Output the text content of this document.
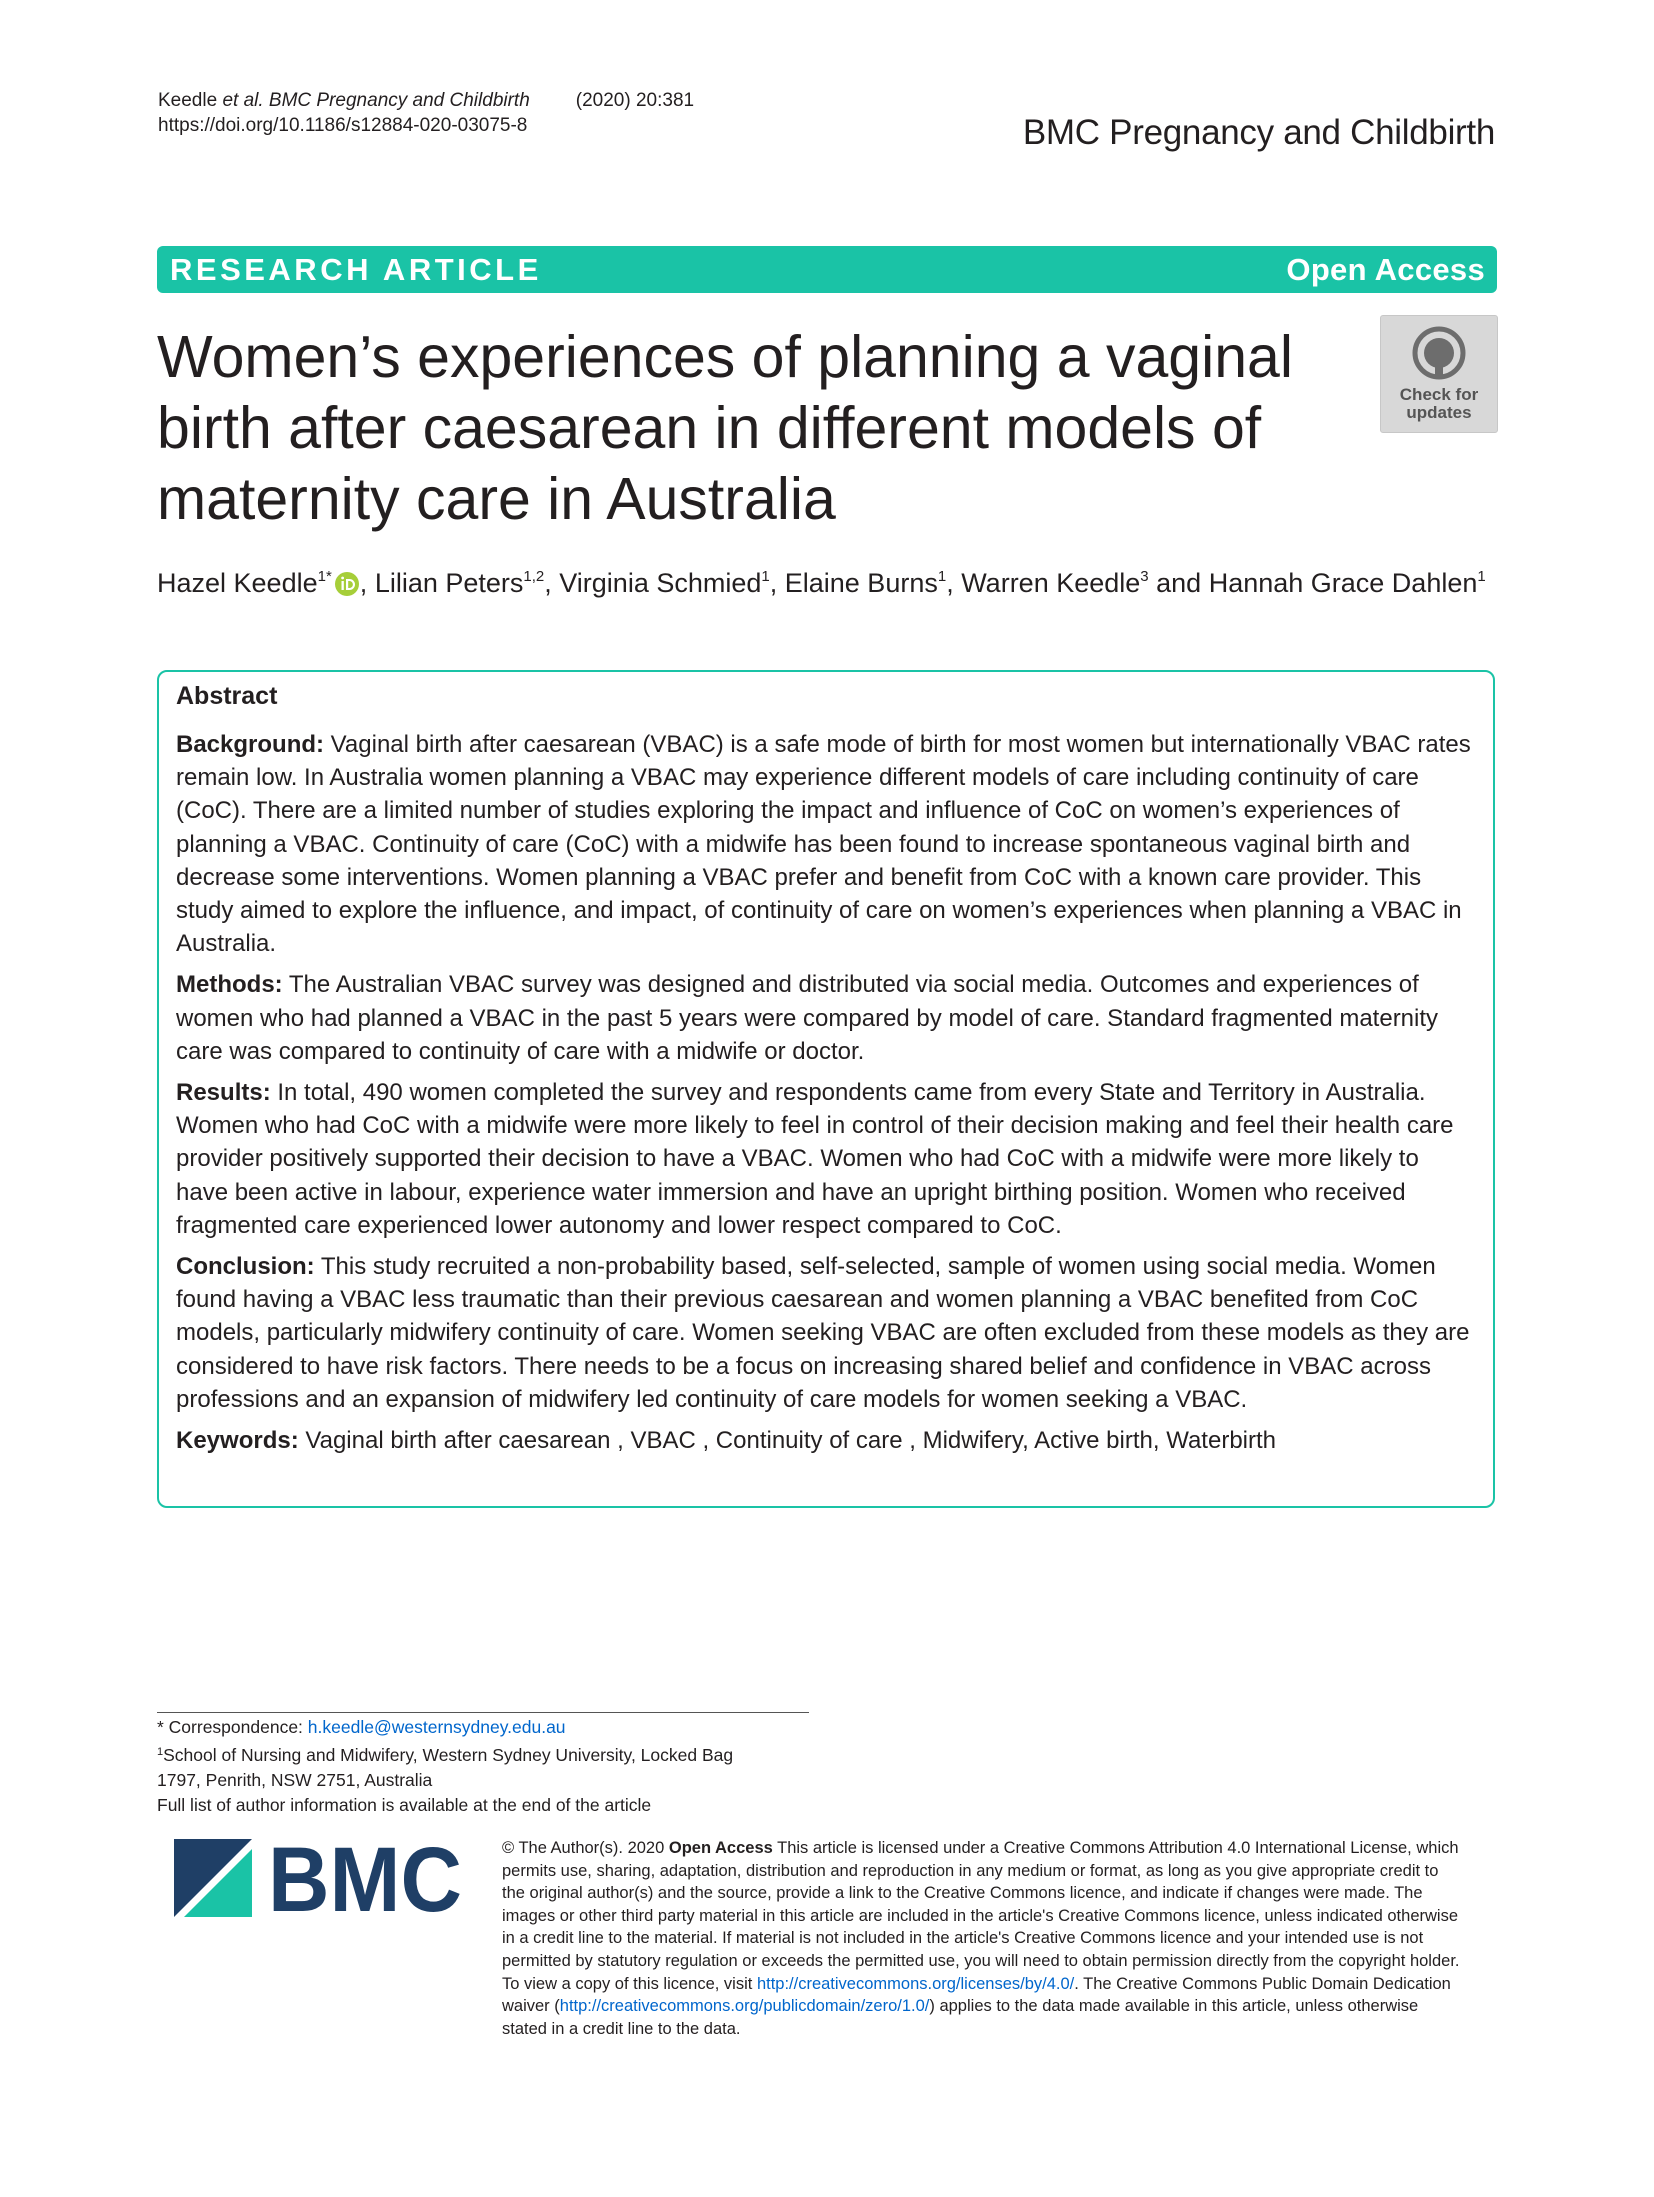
Keedle et al. BMC Pregnancy and Childbirth (2020) 20:381
https://doi.org/10.1186/s12884-020-03075-8	BMC Pregnancy and Childbirth
RESEARCH ARTICLE	Open Access
Women’s experiences of planning a vaginal birth after caesarean in different models of maternity care in Australia
Check for
updates
Hazel Keedle$^{1*}$ , Lilian Peters$^{1,2}$, Virginia Schmied$^1$, Elaine Burns$^1$, Warren Keedle$^3$ and Hannah Grace Dahlen$^1$
Abstract

Background: Vaginal birth after caesarean (VBAC) is a safe mode of birth for most women but internationally VBAC rates remain low. In Australia women planning a VBAC may experience different models of care including continuity of care (CoC). There are a limited number of studies exploring the impact and influence of CoC on women’s experiences of planning a VBAC. Continuity of care (CoC) with a midwife has been found to increase spontaneous vaginal birth and decrease some interventions. Women planning a VBAC prefer and benefit from CoC with a known care provider. This study aimed to explore the influence, and impact, of continuity of care on women’s experiences when planning a VBAC in Australia.

Methods: The Australian VBAC survey was designed and distributed via social media. Outcomes and experiences of women who had planned a VBAC in the past 5 years were compared by model of care. Standard fragmented maternity care was compared to continuity of care with a midwife or doctor.

Results: In total, 490 women completed the survey and respondents came from every State and Territory in Australia. Women who had CoC with a midwife were more likely to feel in control of their decision making and feel their health care provider positively supported their decision to have a VBAC. Women who had CoC with a midwife were more likely to have been active in labour, experience water immersion and have an upright birthing position. Women who received fragmented care experienced lower autonomy and lower respect compared to CoC.

Conclusion: This study recruited a non-probability based, self-selected, sample of women using social media. Women found having a VBAC less traumatic than their previous caesarean and women planning a VBAC benefited from CoC models, particularly midwifery continuity of care. Women seeking VBAC are often excluded from these models as they are considered to have risk factors. There needs to be a focus on increasing shared belief and confidence in VBAC across professions and an expansion of midwifery led continuity of care models for women seeking a VBAC.

Keywords: Vaginal birth after caesarean , VBAC , Continuity of care , Midwifery, Active birth, Waterbirth

* Correspondence: h.keedle@westernsydney.edu.au
$^1$School of Nursing and Midwifery, Western Sydney University, Locked Bag
1797, Penrith, NSW 2751, Australia
Full list of author information is available at the end of the article
BMC © The Author(s). 2020 Open Access This article is licensed under a Creative Commons Attribution 4.0 International License, which permits use, sharing, adaptation, distribution and reproduction in any medium or format, as long as you give appropriate credit to the original author(s) and the source, provide a link to the Creative Commons licence, and indicate if changes were made. The images or other third party material in this article are included in the article's Creative Commons licence, unless indicated otherwise in a credit line to the material. If material is not included in the article's Creative Commons licence and your intended use is not permitted by statutory regulation or exceeds the permitted use, you will need to obtain permission directly from the copyright holder. To view a copy of this licence, visit http://creativecommons.org/licenses/by/4.0/. The Creative Commons Public Domain Dedication waiver (http://creativecommons.org/publicdomain/zero/1.0/) applies to the data made available in this article, unless otherwise stated in a credit line to the data.
